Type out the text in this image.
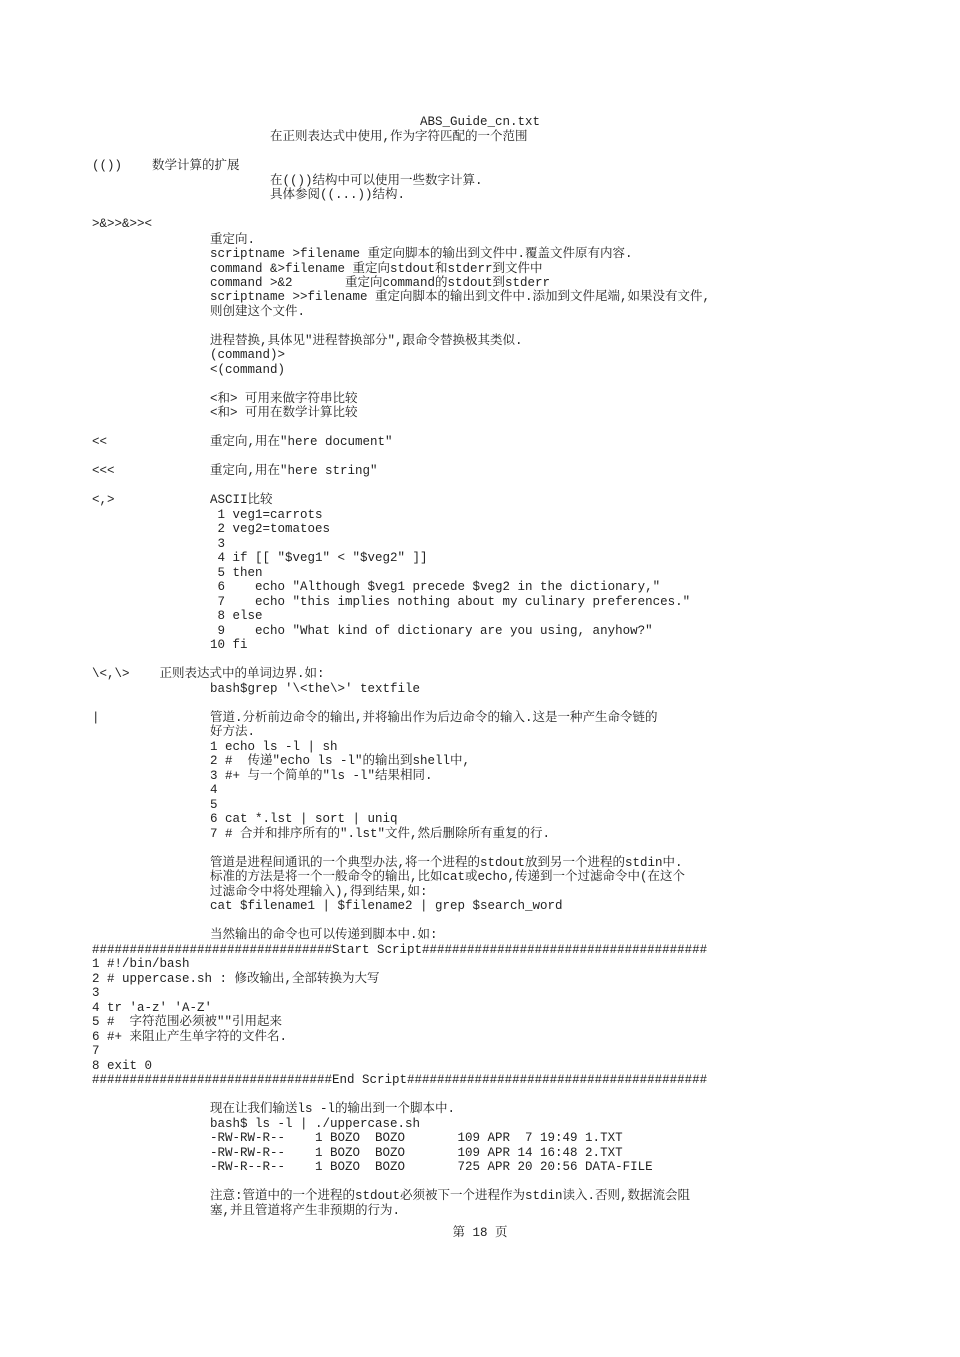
ABS_Guide_cn.txt
在正则表达式中使用,作为字符匹配的一个范围
(())    数学计算的扩展
在(())结构中可以使用一些数字计算.
具体参阅((...))结构.
>&>>&>><
重定向.
scriptname >filename 重定向脚本的输出到文件中.覆盖文件原有内容.
command &>filename 重定向stdout和stderr到文件中
command >&2       重定向command的stdout到stderr
scriptname >>filename 重定向脚本的输出到文件中.添加到文件尾端,如果没有文件,
则创建这个文件.
进程替换,具体见"进程替换部分",跟命令替换极其类似.
(command)>
<(command)
<和> 可用来做字符串比较
<和> 可用在数学计算比较
<<	重定向,用在"here document"
<<<	重定向,用在"here string"
<,>	ASCII比较
1 veg1=carrots
2 veg2=tomatoes
3
4 if [[ "$veg1" < "$veg2" ]]
5 then
6    echo "Although $veg1 precede $veg2 in the dictionary,"
7    echo "this implies nothing about my culinary preferences."
8 else
9    echo "What kind of dictionary are you using, anyhow?"
10 fi
\<,\>    正则表达式中的单词边界.如:
bash$grep '\<the\>' textfile
|	管道.分析前边命令的输出,并将输出作为后边命令的输入.这是一种产生命令链的
好方法.
1 echo ls -l | sh
2 #  传递"echo ls -l"的输出到shell中,
3 #+ 与一个简单的"ls -l"结果相同.
4
5
6 cat *.lst | sort | uniq
7 # 合并和排序所有的".lst"文件,然后删除所有重复的行.
管道是进程间通讯的一个典型办法,将一个进程的stdout放到另一个进程的stdin中.
标准的方法是将一个一般命令的输出,比如cat或echo,传递到一个过滤命令中(在这个
过滤命令中将处理输入),得到结果,如:
cat $filename1 | $filename2 | grep $search_word
当然输出的命令也可以传递到脚本中.如:
################################Start Script######################################
1 #!/bin/bash
2 # uppercase.sh : 修改输出,全部转换为大写
3
4 tr 'a-z' 'A-Z'
5 #  字符范围必须被""引用起来
6 #+ 来阻止产生单字符的文件名.
7
8 exit 0
################################End Script########################################
现在让我们输送ls -l的输出到一个脚本中.
bash$ ls -l | ./uppercase.sh
-RW-RW-R--    1 BOZO  BOZO       109 APR  7 19:49 1.TXT
-RW-RW-R--    1 BOZO  BOZO       109 APR 14 16:48 2.TXT
-RW-R--R--    1 BOZO  BOZO       725 APR 20 20:56 DATA-FILE
注意:管道中的一个进程的stdout必须被下一个进程作为stdin读入.否则,数据流会阻
塞,并且管道将产生非预期的行为.
第 18 页
